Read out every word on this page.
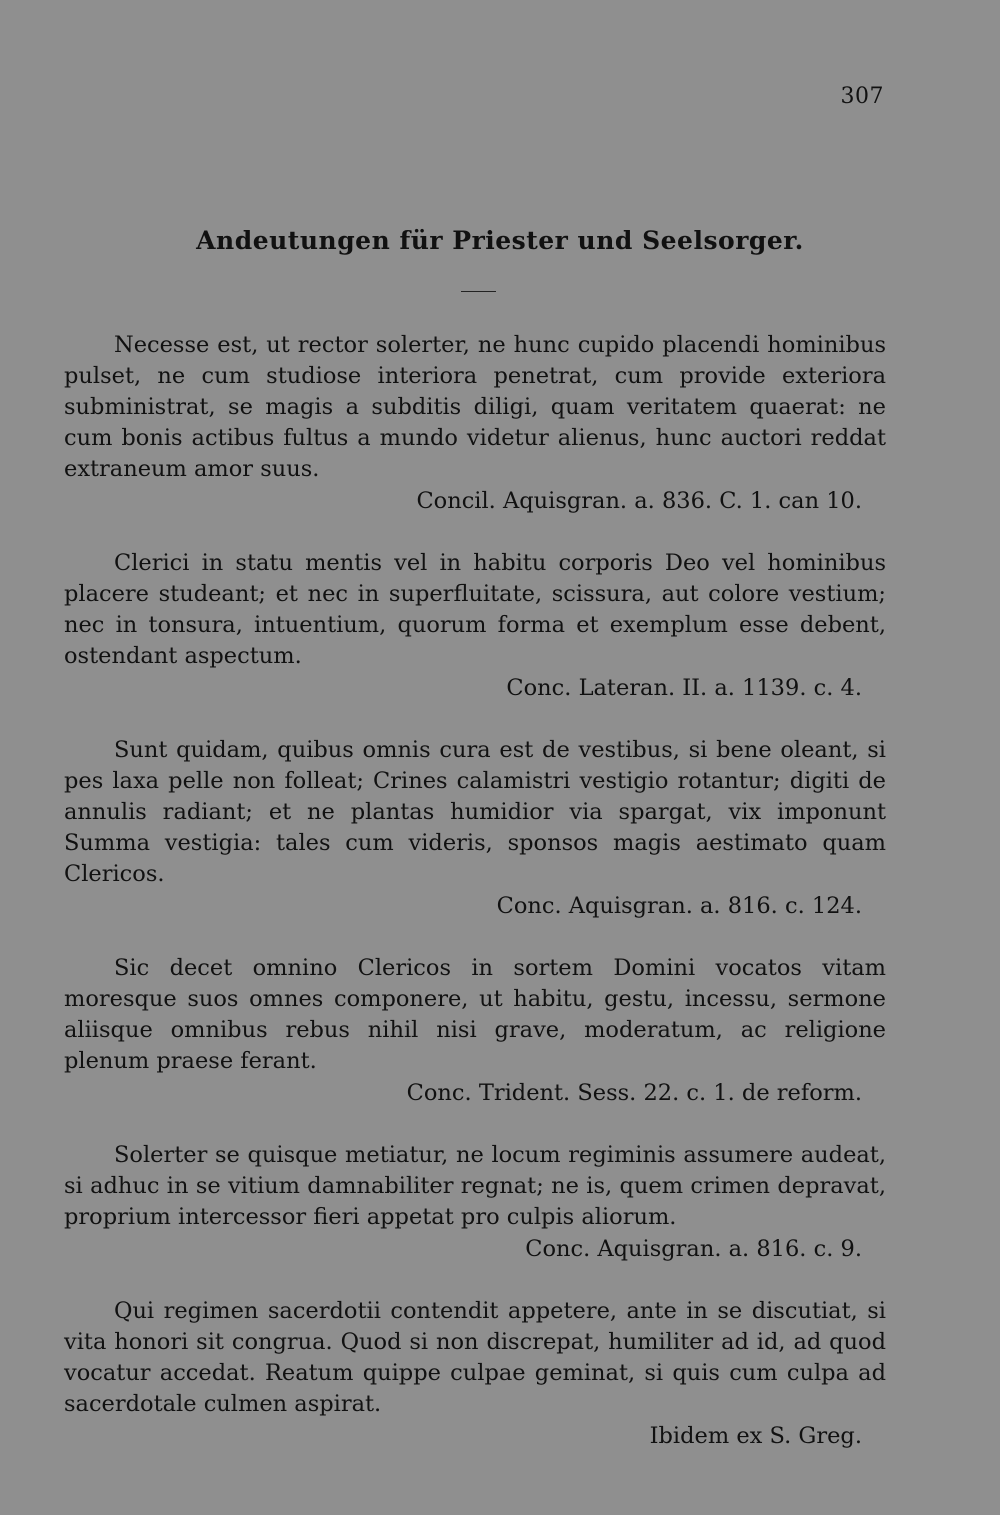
307
Andeutungen für Priester und Seelsorger.

Necesse est, ut rector solerter, ne hunc cupido placendi hominibus pulset, ne cum studiose interiora penetrat, cum provide exteriora subministrat, se magis a subditis diligi, quam veritatem quaerat: ne cum bonis actibus fultus a mundo videtur alienus, hunc auctori reddat extraneum amor suus.

Concil. Aquisgran. a. 836. C. 1. can 10.

Clerici in statu mentis vel in habitu corporis Deo vel hominibus placere studeant; et nec in superfluitate, scissura, aut colore vestium; nec in tonsura, intuentium, quorum forma et exemplum esse debent, ostendant aspectum.

Conc. Lateran. II. a. 1139. c. 4.

Sunt quidam, quibus omnis cura est de vestibus, si bene oleant, si pes laxa pelle non folleat; Crines calamistri vestigio rotantur; digiti de annulis radiant; et ne plantas humidior via spargat, vix imponunt Summa vestigia: tales cum videris, sponsos magis aestimato quam Clericos.

Conc. Aquisgran. a. 816. c. 124.

Sic decet omnino Clericos in sortem Domini vocatos vitam moresque suos omnes componere, ut habitu, gestu, incessu, sermone aliisque omnibus rebus nihil nisi grave, moderatum, ac religione plenum praese ferant.

Conc. Trident. Sess. 22. c. 1. de reform.

Solerter se quisque metiatur, ne locum regiminis assumere audeat, si adhuc in se vitium damnabiliter regnat; ne is, quem crimen depravat, proprium intercessor fieri appetat pro culpis aliorum.

Conc. Aquisgran. a. 816. c. 9.

Qui regimen sacerdotii contendit appetere, ante in se discutiat, si vita honori sit congrua. Quod si non discrepat, humiliter ad id, ad quod vocatur accedat. Reatum quippe culpae geminat, si quis cum culpa ad sacerdotale culmen aspirat.

Ibidem ex S. Greg.
